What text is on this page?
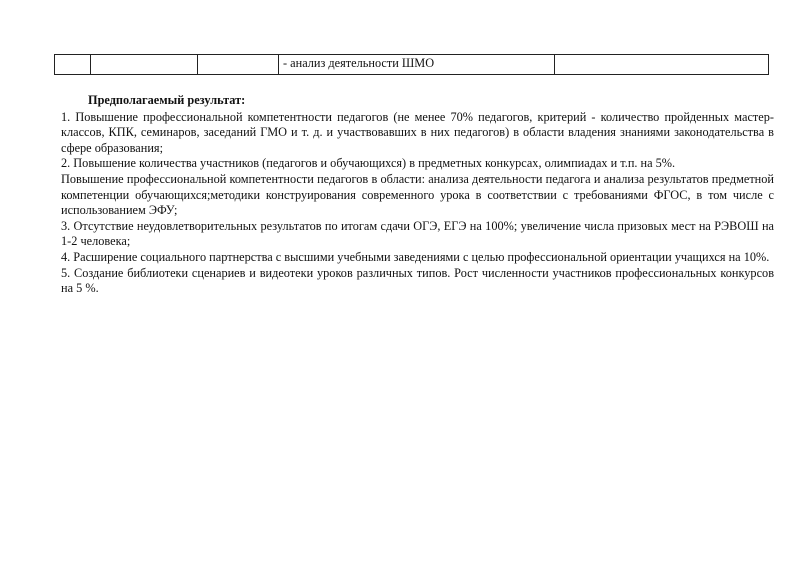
			- анализ деятельности ШМО	

Предполагаемый результат:

1. Повышение профессиональной компетентности педагогов (не менее 70% педагогов, критерий - количество пройденных мастер-классов, КПК, семинаров, заседаний ГМО и т. д. и участвовавших в них педагогов) в области владения знаниями законодательства в сфере образования;

2. Повышение количества участников (педагогов и обучающихся) в предметных конкурсах, олимпиадах и т.п. на 5%.

Повышение профессиональной компетентности педагогов в области: анализа деятельности педагога и анализа результатов предметной компетенции обучающихся;методики конструирования современного урока в соответствии с требованиями ФГОС, в том числе с использованием ЭФУ;

3. Отсутствие неудовлетворительных результатов по итогам сдачи ОГЭ, ЕГЭ на 100%; увеличение числа призовых мест на РЭВОШ на 1-2 человека;

4. Расширение социального партнерства с высшими учебными заведениями с целью профессиональной ориентации учащихся на 10%.

5. Создание библиотеки сценариев и видеотеки уроков различных типов. Рост численности участников профессиональных конкурсов на 5 %.
